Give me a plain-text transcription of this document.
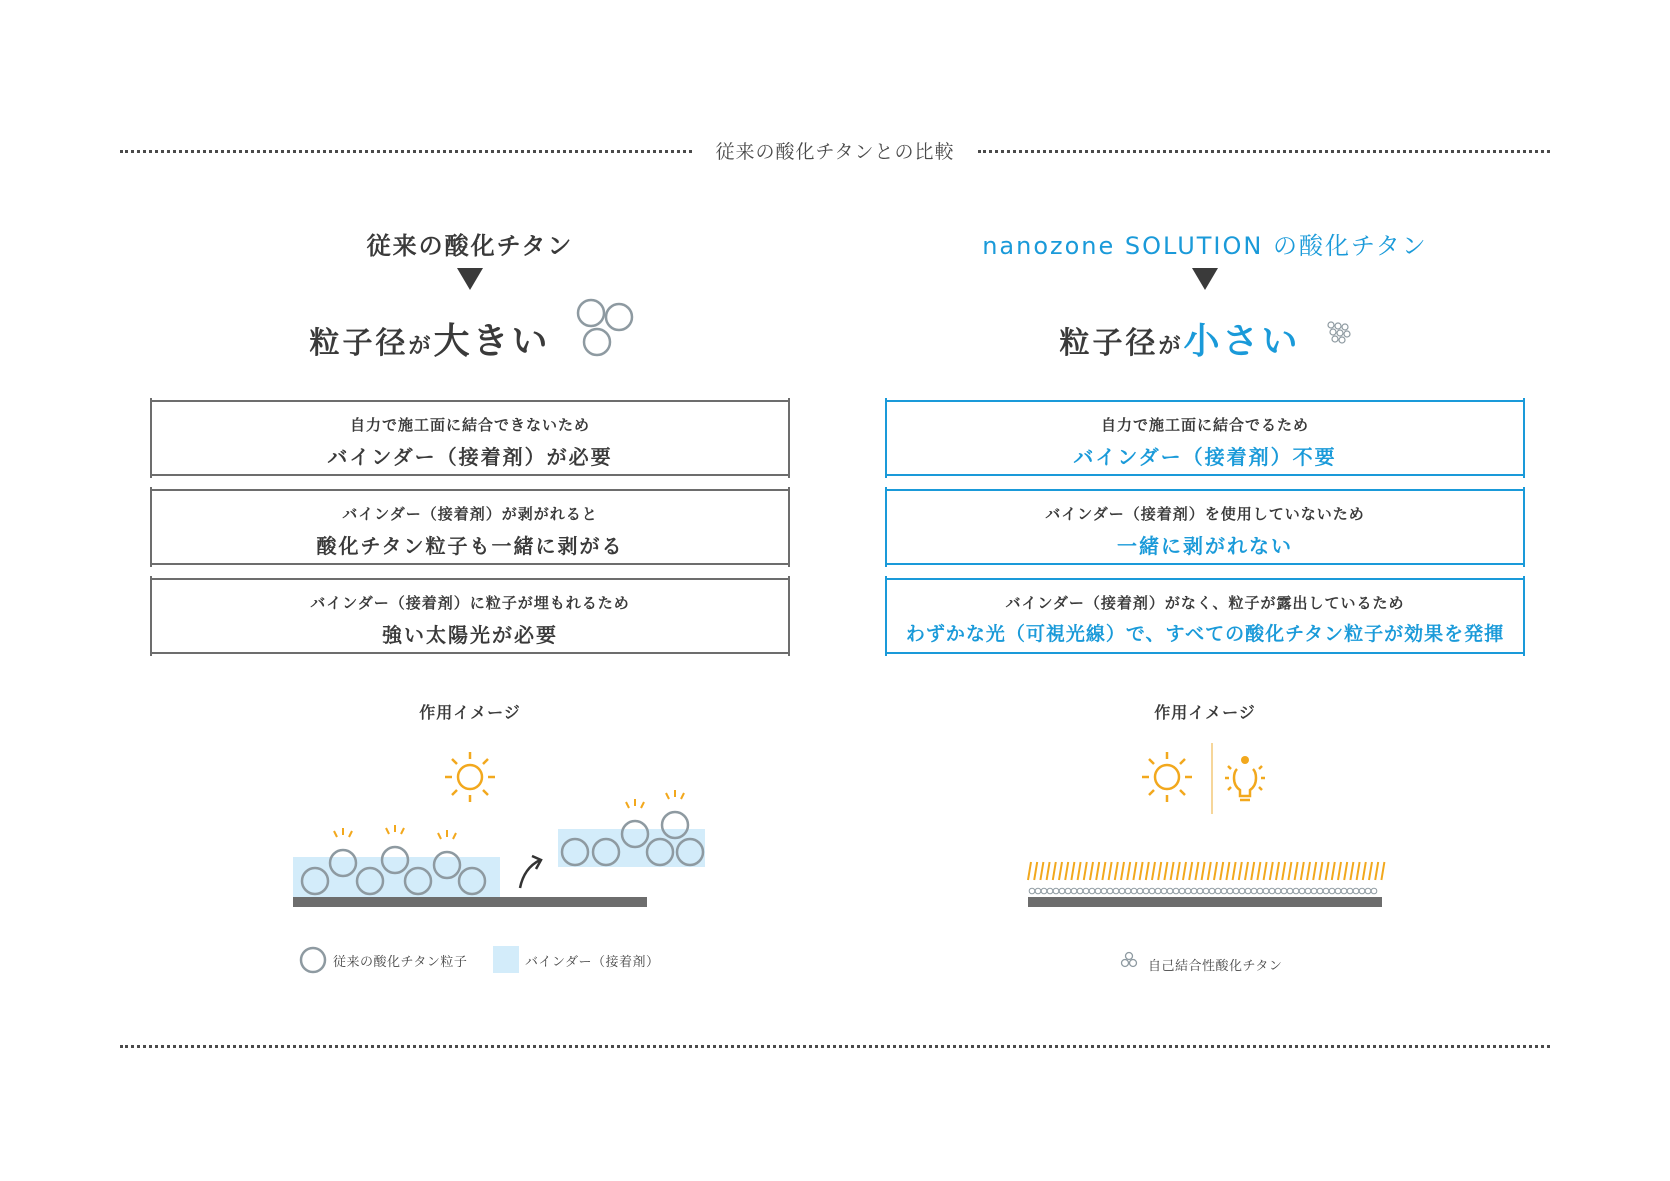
従来の酸化チタンとの比較
従来の酸化チタン
粒子径が大きい
自力で施工面に結合できないため
バインダー（接着剤）が必要
バインダー（接着剤）が剥がれると
酸化チタン粒子も一緒に剥がる
バインダー（接着剤）に粒子が埋もれるため
強い太陽光が必要
作用イメージ
従来の酸化チタン粒子	バインダー（接着剤）
nanozone SOLUTION の酸化チタン
粒子径が小さい
自力で施工面に結合でるため
バインダー（接着剤）不要
バインダー（接着剤）を使用していないため
一緒に剥がれない
バインダー（接着剤）がなく、粒子が露出しているため
わずかな光（可視光線）で、すべての酸化チタン粒子が効果を発揮
作用イメージ
自己結合性酸化チタン
